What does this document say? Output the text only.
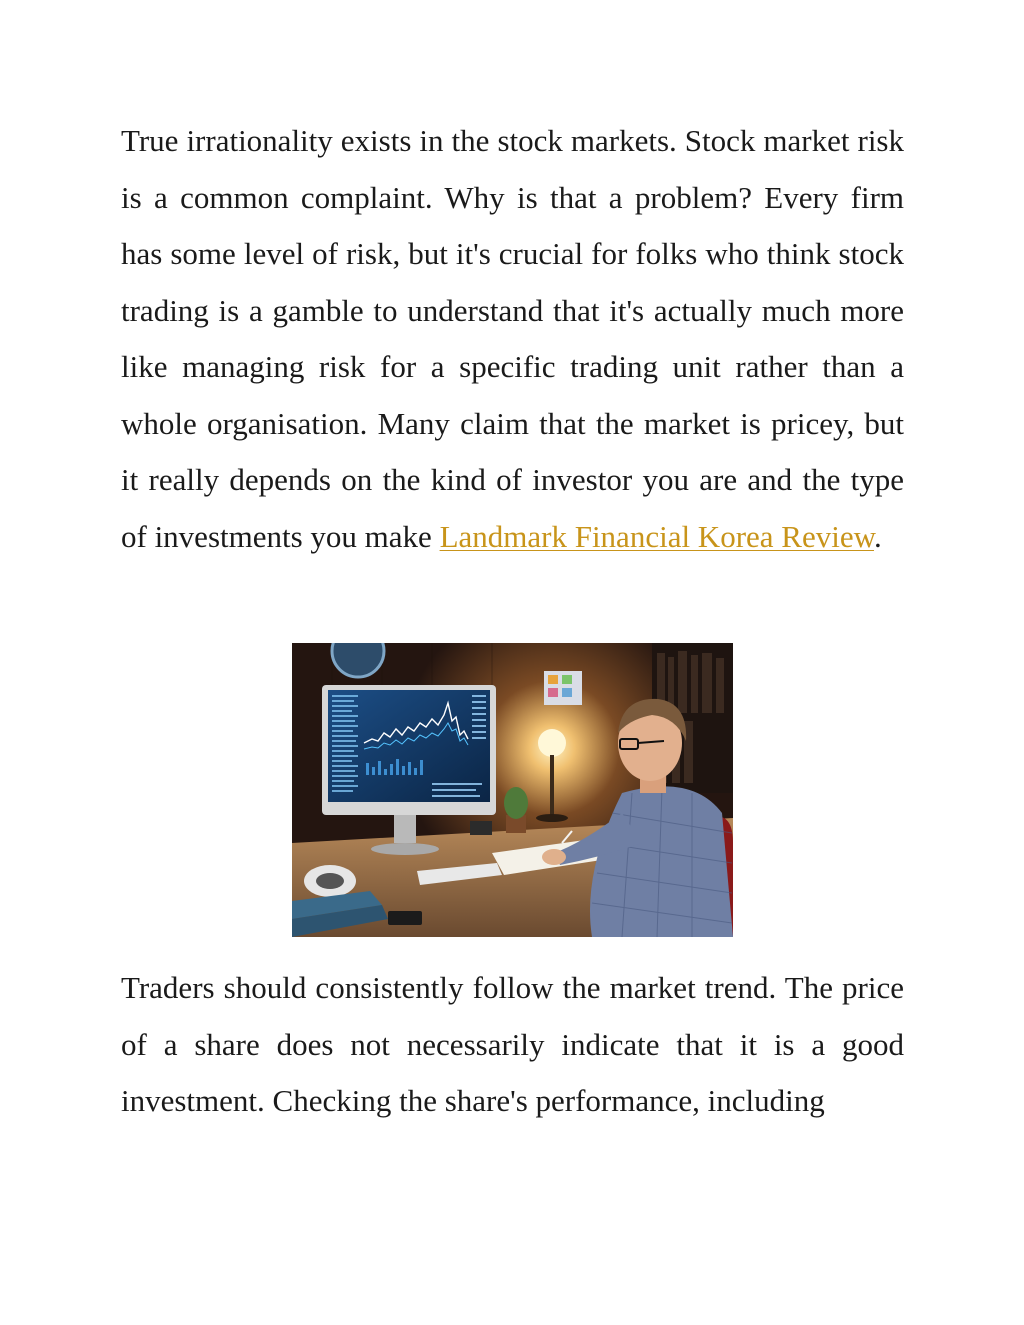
True irrationality exists in the stock markets. Stock market risk is a common complaint. Why is that a problem? Every firm has some level of risk, but it's crucial for folks who think stock trading is a gamble to understand that it's actually much more like managing risk for a specific trading unit rather than a whole organisation. Many claim that the market is pricey, but it really depends on the kind of investor you are and the type of investments you make Landmark Financial Korea Review.

Traders should consistently follow the market trend. The price of a share does not necessarily indicate that it is a good investment. Checking the share's performance, including
